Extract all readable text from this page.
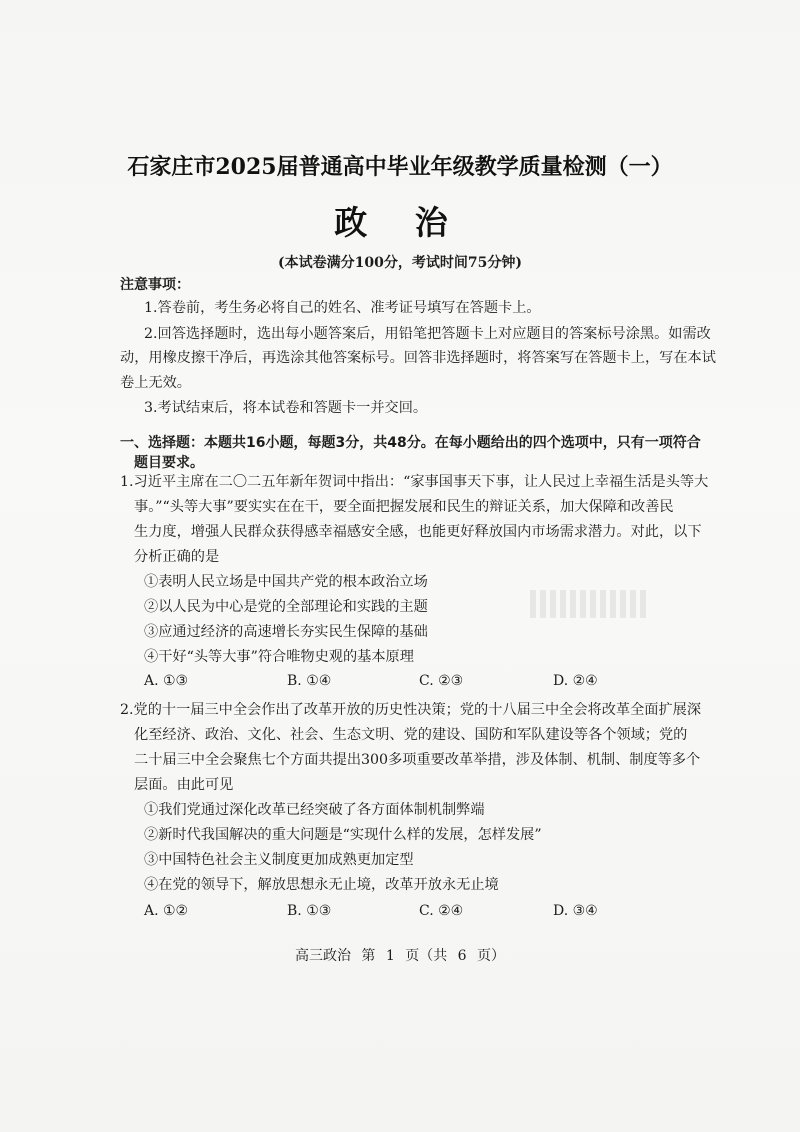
石家庄市2025届普通高中毕业年级教学质量检测（一）
政 治
(本试卷满分100分，考试时间75分钟)
注意事项：
1.答卷前，考生务必将自己的姓名、准考证号填写在答题卡上。
2.回答选择题时，选出每小题答案后，用铅笔把答题卡上对应题目的答案标号涂黑。如需改
动，用橡皮擦干净后，再选涂其他答案标号。回答非选择题时，将答案写在答题卡上，写在本试
卷上无效。
3.考试结束后，将本试卷和答题卡一并交回。
一、选择题：本题共16小题，每题3分，共48分。在每小题给出的四个选项中，只有一项符合
题目要求。
1.习近平主席在二〇二五年新年贺词中指出：“家事国事天下事，让人民过上幸福生活是头等大
事。”“头等大事”要实实在在干，要全面把握发展和民生的辩证关系，加大保障和改善民
生力度，增强人民群众获得感幸福感安全感，也能更好释放国内市场需求潜力。对此，以下
分析正确的是
①表明人民立场是中国共产党的根本政治立场
②以人民为中心是党的全部理论和实践的主题
③应通过经济的高速增长夯实民生保障的基础
④干好“头等大事”符合唯物史观的基本原理
A. ①③	B. ①④	C. ②③	D. ②④
2.党的十一届三中全会作出了改革开放的历史性决策；党的十八届三中全会将改革全面扩展深
化至经济、政治、文化、社会、生态文明、党的建设、国防和军队建设等各个领域；党的
二十届三中全会聚焦七个方面共提出300多项重要改革举措，涉及体制、机制、制度等多个
层面。由此可见
①我们党通过深化改革已经突破了各方面体制机制弊端
②新时代我国解决的重大问题是“实现什么样的发展，怎样发展”
③中国特色社会主义制度更加成熟更加定型
④在党的领导下，解放思想永无止境，改革开放永无止境
A. ①②	B. ①③	C. ②④	D. ③④
高三政治 第 1 页（共 6 页）
